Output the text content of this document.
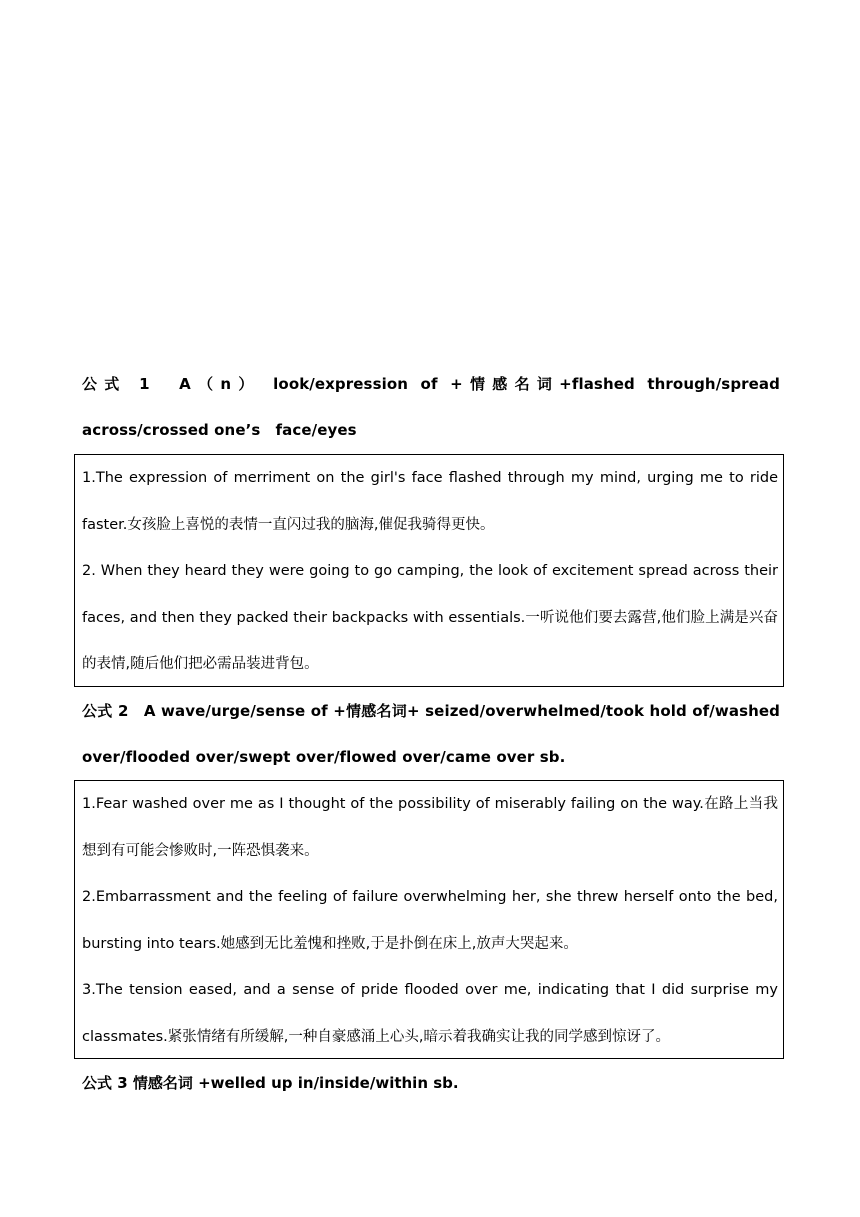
公式 1　A（n） look/expression of +情感名词+flashed through/spread across/crossed one’s　face/eyes

1.The expression of merriment on the girl's face flashed through my mind, urging me to ride faster.女孩脸上喜悦的表情一直闪过我的脑海,催促我骑得更快。

2. When they heard they were going to go camping, the look of excitement spread across their faces, and then they packed their backpacks with essentials.一听说他们要去露营,他们脸上满是兴奋的表情,随后他们把必需品装进背包。

公式 2　A wave/urge/sense of +情感名词+ seized/overwhelmed/took hold of/washed over/flooded over/swept over/flowed over/came over sb.

1.Fear washed over me as I thought of the possibility of miserably failing on the way.在路上当我想到有可能会惨败时,一阵恐惧袭来。

2.Embarrassment and the feeling of failure overwhelming her, she threw herself onto the bed, bursting into tears.她感到无比羞愧和挫败,于是扑倒在床上,放声大哭起来。

3.The tension eased, and a sense of pride flooded over me, indicating that I did surprise my classmates.紧张情绪有所缓解,一种自豪感涌上心头,暗示着我确实让我的同学感到惊讶了。

公式 3 情感名词 +welled up in/inside/within sb.
